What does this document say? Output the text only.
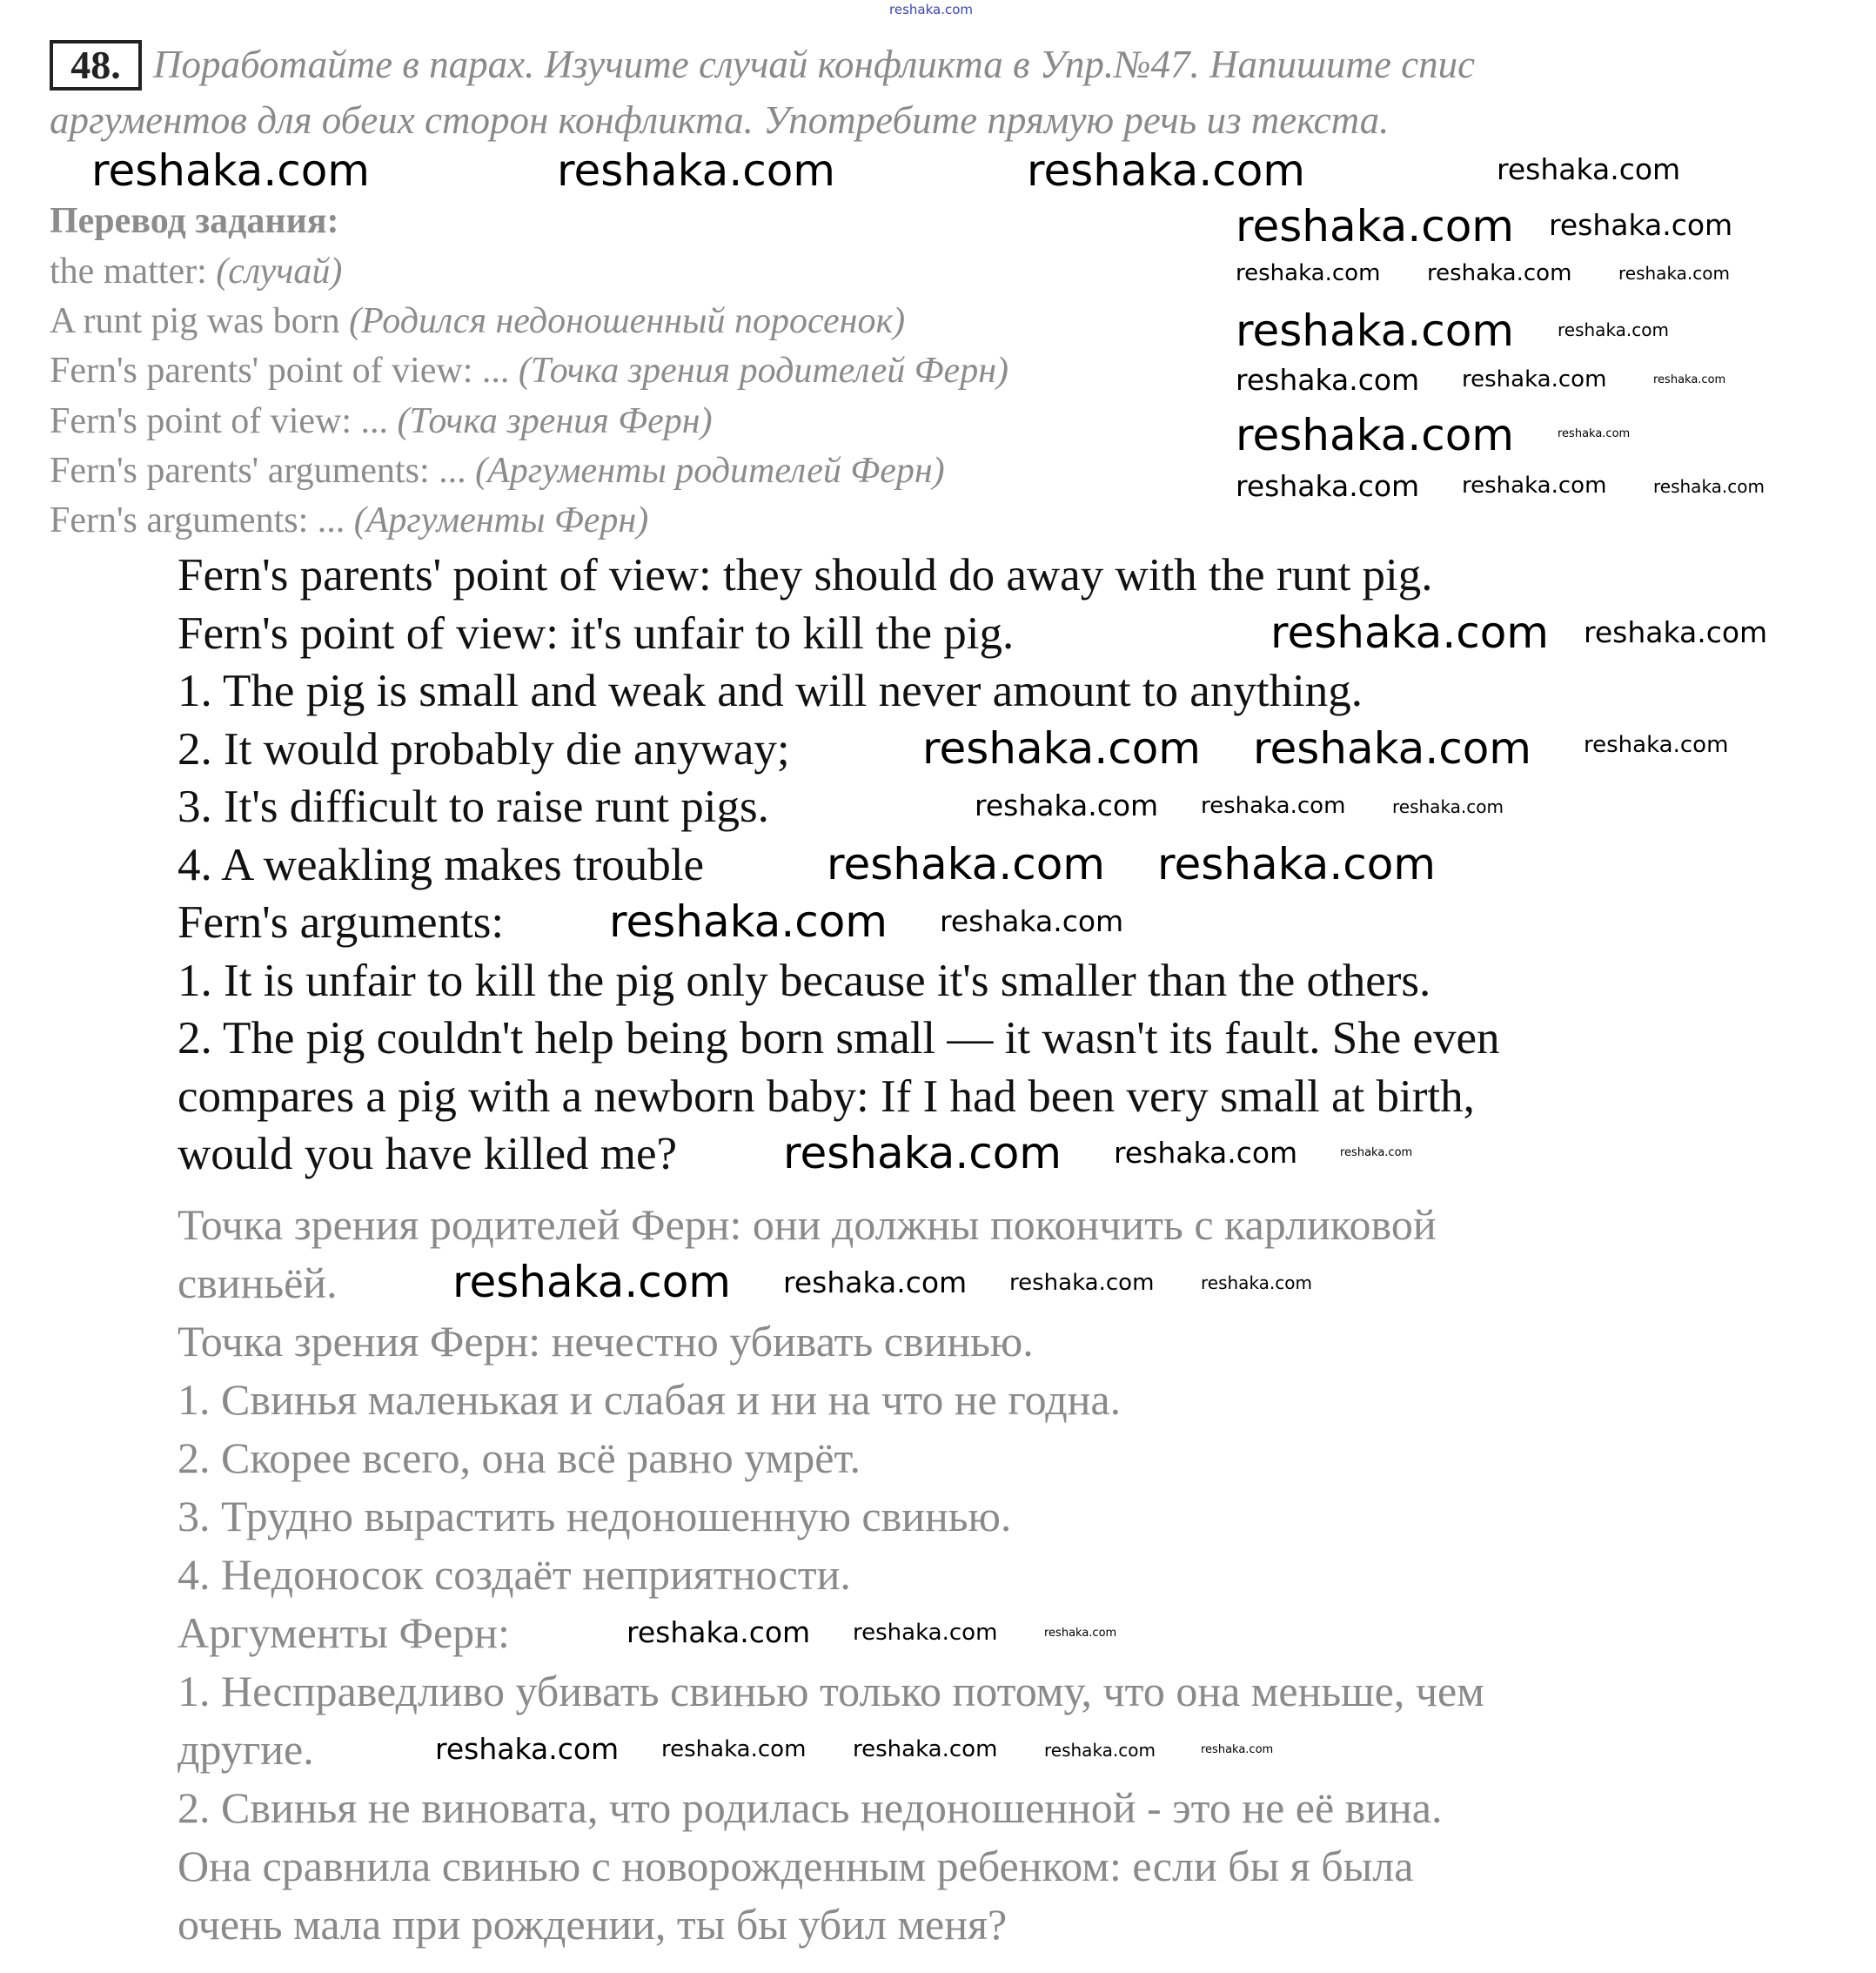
reshaka.com
48. Поработайте в парах. Изучите случай конфликта в Упр.№47. Напишите спис
аргументов для обеих сторон конфликта. Употребите прямую речь из текста.
Перевод задания:
the matter: (случай)
A runt pig was born (Родился недоношенный поросенок)
Fern's parents' point of view: ... (Точка зрения родителей Ферн)
Fern's point of view: ... (Точка зрения Ферн)
Fern's parents' arguments: ... (Аргументы родителей Ферн)
Fern's arguments: ... (Аргументы Ферн)
Fern's parents' point of view: they should do away with the runt pig.
Fern's point of view: it's unfair to kill the pig.
1. The pig is small and weak and will never amount to anything.
2. It would probably die anyway;
3. It's difficult to raise runt pigs.
4. A weakling makes trouble
Fern's arguments:
1. It is unfair to kill the pig only because it's smaller than the others.
2. The pig couldn't help being born small — it wasn't its fault. She even
compares a pig with a newborn baby: If I had been very small at birth,
would you have killed me?
Точка зрения родителей Ферн: они должны покончить с карликовой
свиньёй.
Точка зрения Ферн: нечестно убивать свинью.
1. Свинья маленькая и слабая и ни на что не годна.
2. Скорее всего, она всё равно умрёт.
3. Трудно вырастить недоношенную свинью.
4. Недоносок создаёт неприятности.
Аргументы Ферн:
1. Несправедливо убивать свинью только потому, что она меньше, чем
другие.
2. Свинья не виновата, что родилась недоношенной - это не её вина.
Она сравнила свинью с новорожденным ребенком: если бы я была
очень мала при рождении, ты бы убил меня?
reshaka.com	reshaka.com	reshaka.com	reshaka.com
reshaka.com reshaka.com
reshaka.com reshaka.com	reshaka.com
reshaka.com	reshaka.com
reshaka.com reshaka.com	reshaka.com
reshaka.com	reshaka.com
reshaka.com reshaka.com	reshaka.com
reshaka.com reshaka.com
reshaka.com reshaka.com reshaka.com
reshaka.com reshaka.com	reshaka.com
reshaka.com reshaka.com
reshaka.com reshaka.com
reshaka.com reshaka.com	reshaka.com
reshaka.com reshaka.com reshaka.com	reshaka.com
reshaka.com reshaka.com	reshaka.com
reshaka.com reshaka.com reshaka.com	reshaka.com	reshaka.com
